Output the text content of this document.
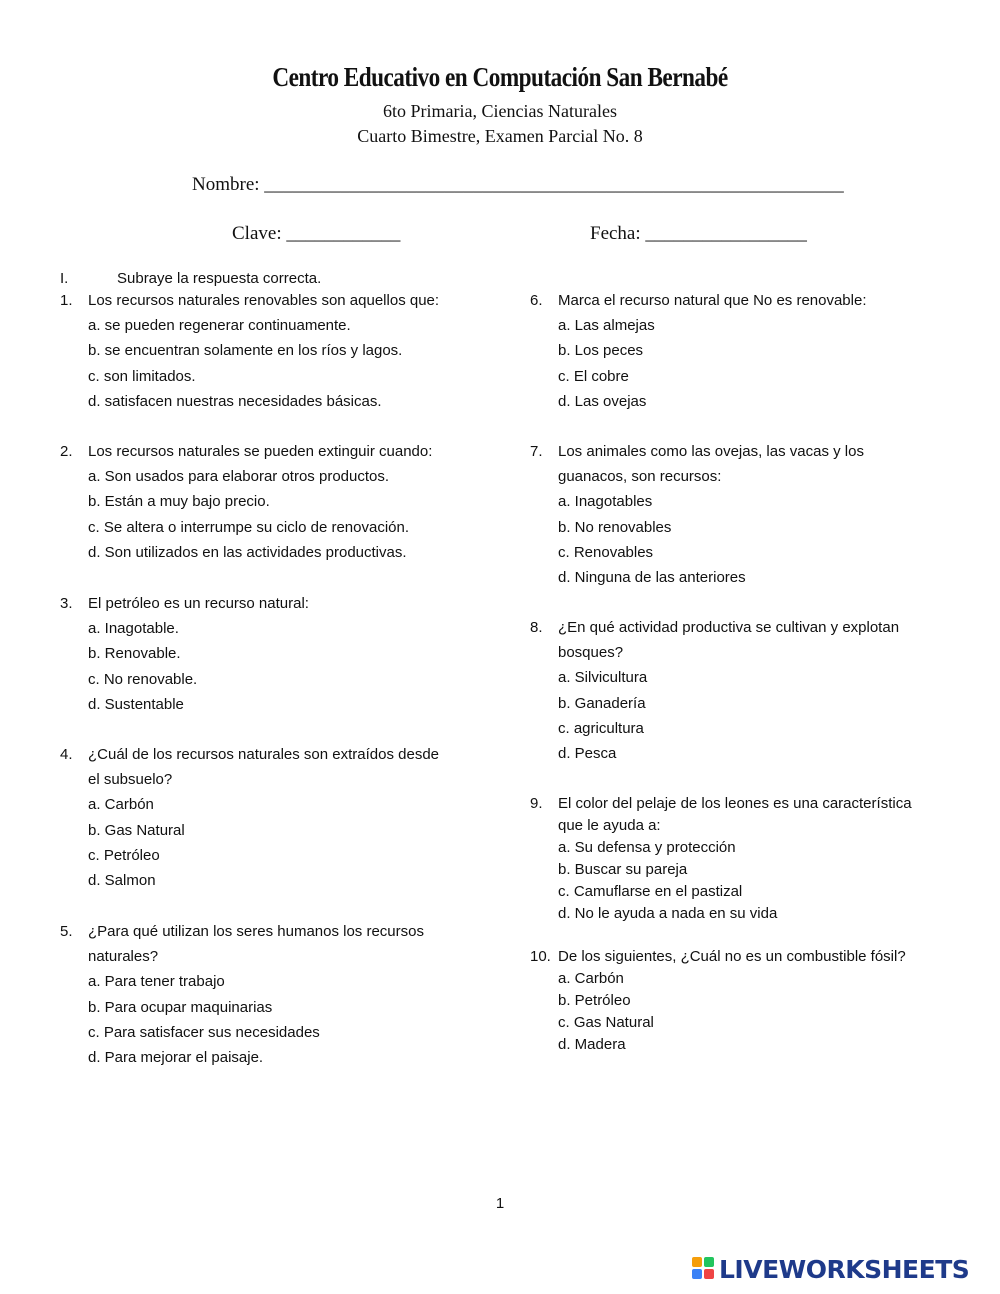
Centro Educativo en Computación San Bernabé
6to Primaria, Ciencias Naturales
Cuarto Bimestre, Examen Parcial No. 8
Nombre: _____________________________________________________________
Clave: ____________	Fecha: _________________
I.	Subraye la respuesta correcta.
1. Los recursos naturales renovables son aquellos que:
a. se pueden regenerar continuamente.
b. se encuentran solamente en los ríos y lagos.
c. son limitados.
d. satisfacen nuestras necesidades básicas.
2. Los recursos naturales se pueden extinguir cuando:
a. Son usados para elaborar otros productos.
b. Están a muy bajo precio.
c. Se altera o interrumpe su ciclo de renovación.
d. Son utilizados en las actividades productivas.
3. El petróleo es un recurso natural:
a. Inagotable.
b. Renovable.
c. No renovable.
d. Sustentable
4. ¿Cuál de los recursos naturales son extraídos desde
el subsuelo?
a. Carbón
b. Gas Natural
c. Petróleo
d. Salmon
5. ¿Para qué utilizan los seres humanos los recursos
naturales?
a. Para tener trabajo
b. Para ocupar maquinarias
c. Para satisfacer sus necesidades
d. Para mejorar el paisaje.
6. Marca el recurso natural que No es renovable:
a. Las almejas
b. Los peces
c. El cobre
d. Las ovejas
7. Los animales como las ovejas, las vacas y los
guanacos, son recursos:
a. Inagotables
b. No renovables
c. Renovables
d. Ninguna de las anteriores
8. ¿En qué actividad productiva se cultivan y explotan
bosques?
a. Silvicultura
b. Ganadería
c. agricultura
d. Pesca
9. El color del pelaje de los leones es una característica
que le ayuda a:
a. Su defensa y protección
b. Buscar su pareja
c. Camuflarse en el pastizal
d. No le ayuda a nada en su vida
10. De los siguientes, ¿Cuál no es un combustible fósil?
a. Carbón
b. Petróleo
c. Gas Natural
d. Madera
1
LIVEWORKSHEETS
